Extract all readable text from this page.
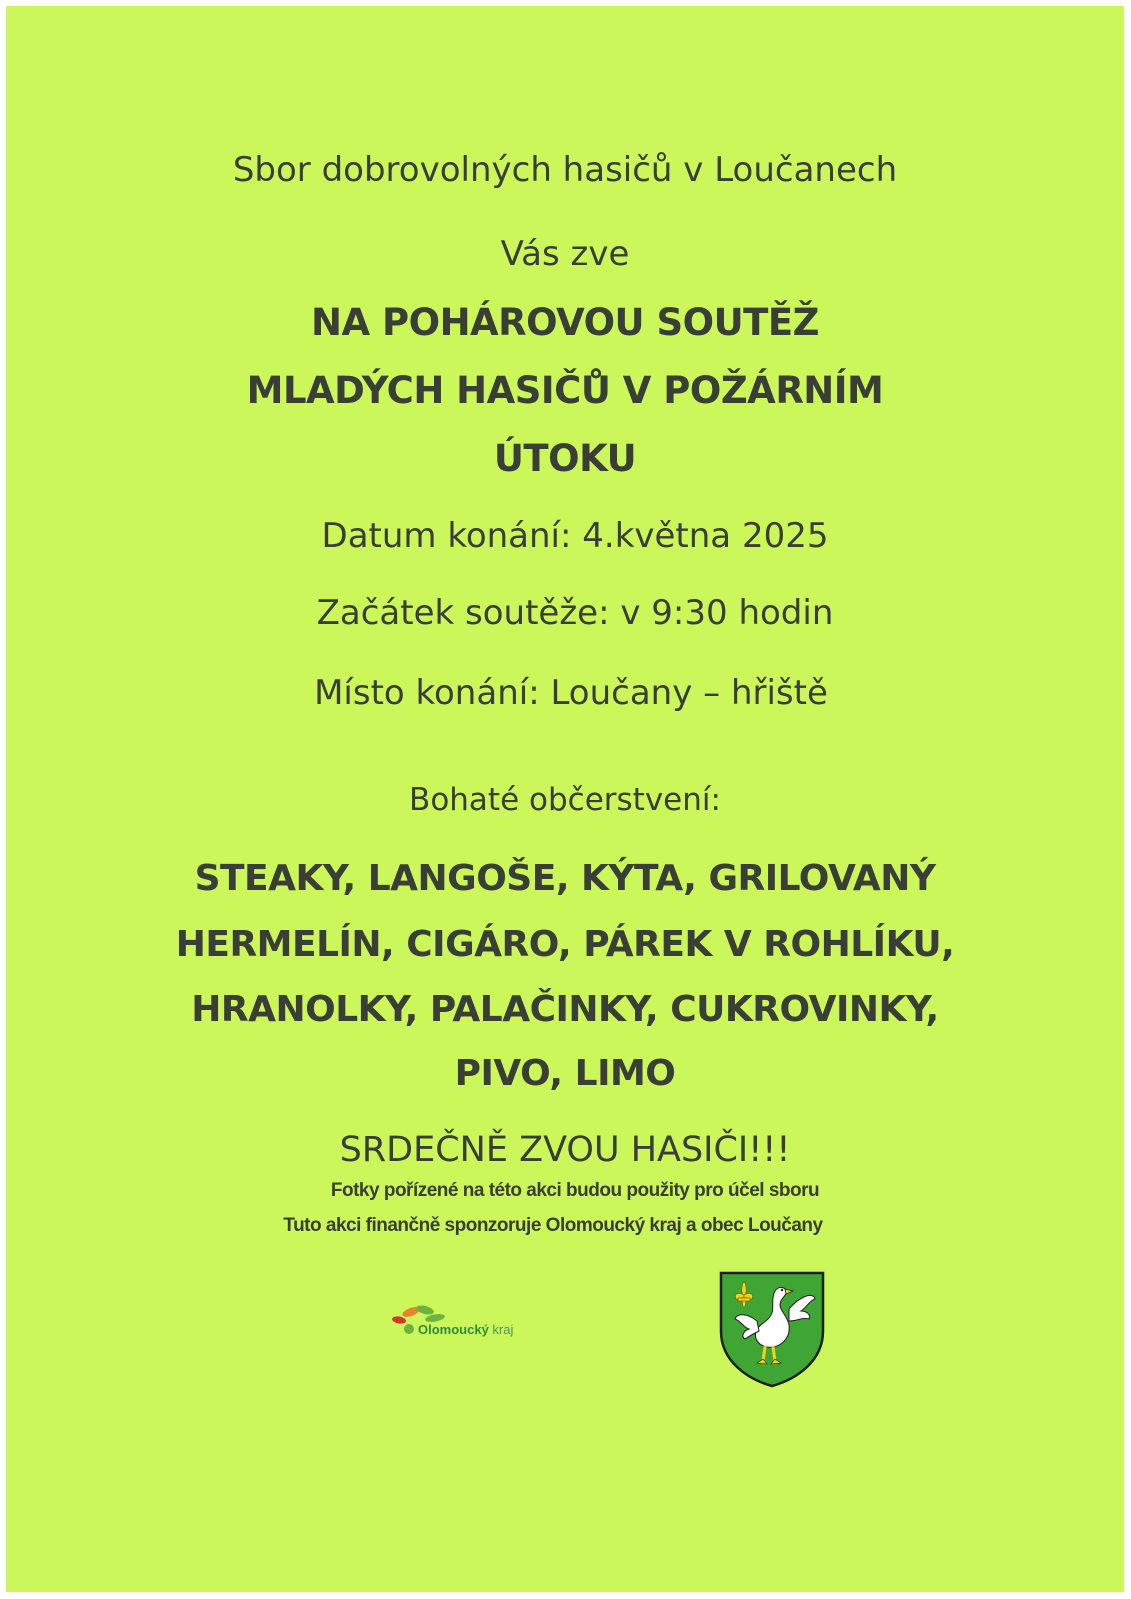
Sbor dobrovolných hasičů v Loučanech
Vás zve
NA POHÁROVOU SOUTĚŽ
MLADÝCH HASIČŮ V POŽÁRNÍM
ÚTOKU
Datum konání: 4.května 2025
Začátek soutěže: v 9:30 hodin
Místo konání: Loučany – hřiště
Bohaté občerstvení:
STEAKY, LANGOŠE, KÝTA, GRILOVANÝ
HERMELÍN, CIGÁRO, PÁREK V ROHLÍKU,
HRANOLKY, PALAČINKY, CUKROVINKY,
PIVO, LIMO
SRDEČNĚ ZVOU HASIČI!!!
Fotky pořízené na této akci budou použity pro účel sboru
Tuto akci finančně sponzoruje Olomoucký kraj a obec Loučany
Olomoucký kraj
